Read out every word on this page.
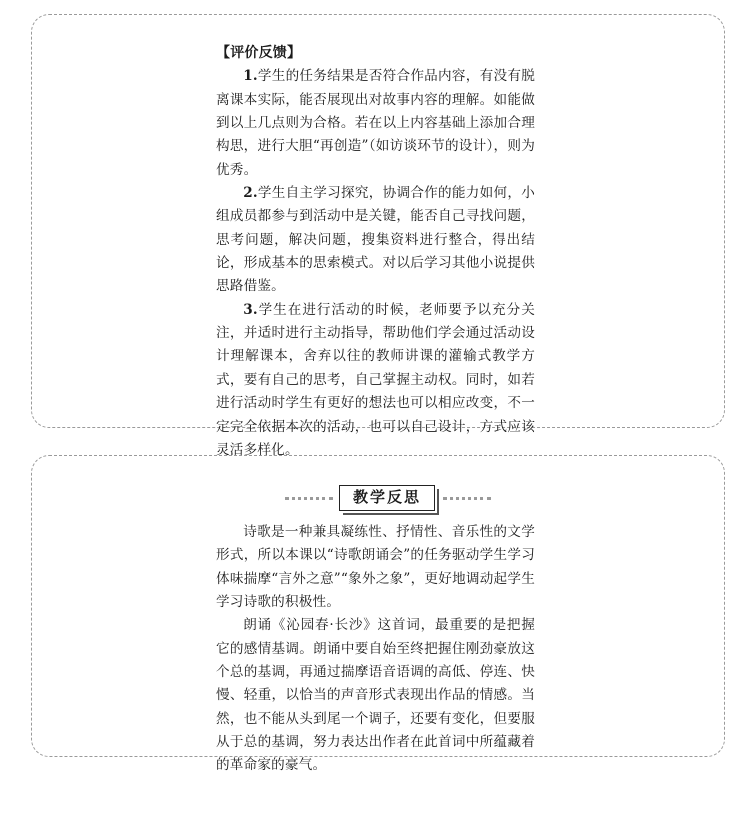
【评价反馈】

1.学生的任务结果是否符合作品内容，有没有脱离课本实际，能否展现出对故事内容的理解。如能做到以上几点则为合格。若在以上内容基础上添加合理构思，进行大胆“再创造”（如访谈环节的设计），则为优秀。

2.学生自主学习探究，协调合作的能力如何，小组成员都参与到活动中是关键，能否自己寻找问题，思考问题，解决问题，搜集资料进行整合，得出结论，形成基本的思索模式。对以后学习其他小说提供思路借鉴。

3.学生在进行活动的时候，老师要予以充分关注，并适时进行主动指导，帮助他们学会通过活动设计理解课本，舍弃以往的教师讲课的灌输式教学方式，要有自己的思考，自己掌握主动权。同时，如若进行活动时学生有更好的想法也可以相应改变，不一定完全依据本次的活动，也可以自己设计，方式应该灵活多样化。

教学反思

诗歌是一种兼具凝练性、抒情性、音乐性的文学形式，所以本课以“诗歌朗诵会”的任务驱动学生学习体味揣摩“言外之意”“象外之象”，更好地调动起学生学习诗歌的积极性。

朗诵《沁园春·长沙》这首词，最重要的是把握它的感情基调。朗诵中要自始至终把握住刚劲豪放这个总的基调，再通过揣摩语音语调的高低、停连、快慢、轻重，以恰当的声音形式表现出作品的情感。当然，也不能从头到尾一个调子，还要有变化，但要服从于总的基调，努力表达出作者在此首词中所蕴藏着的革命家的豪气。
